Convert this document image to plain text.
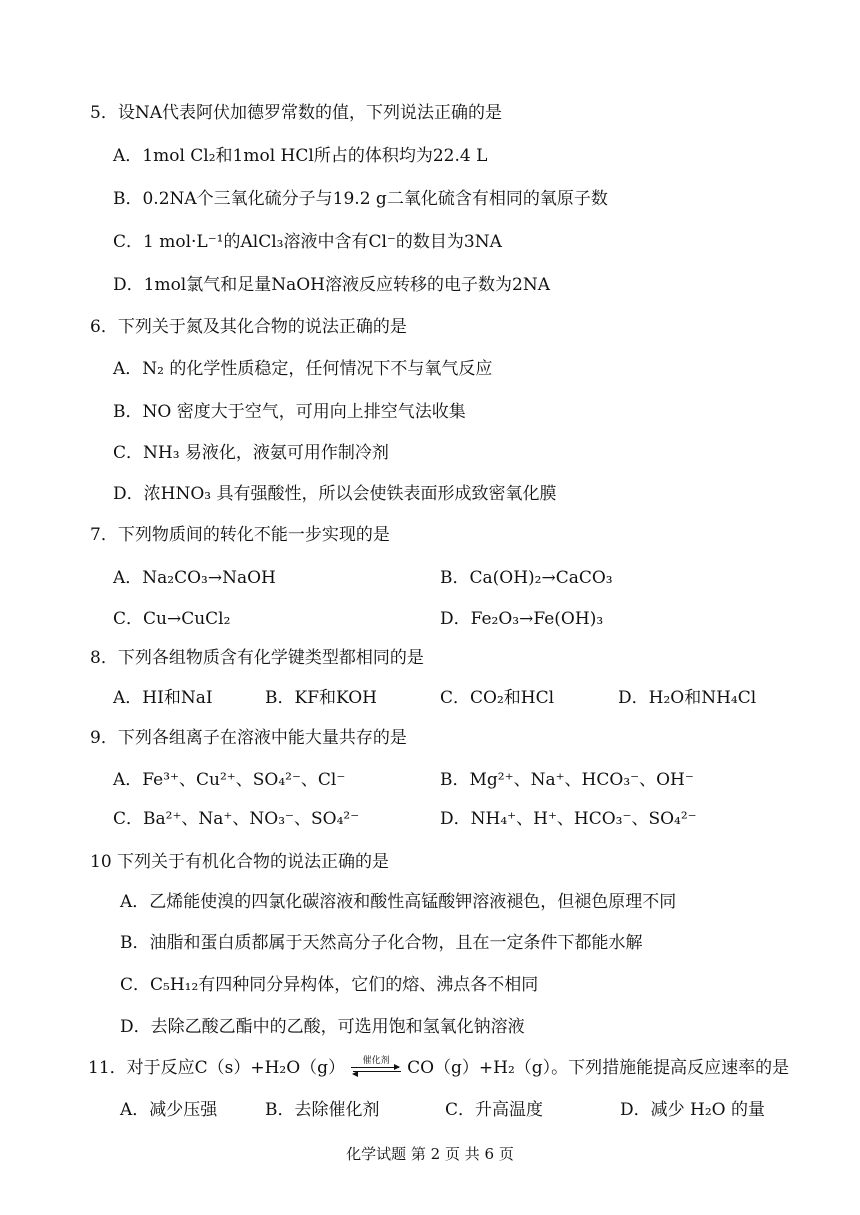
5．设NA代表阿伏加德罗常数的值，下列说法正确的是
A．1mol Cl₂和1mol HCl所占的体积均为22.4 L
B．0.2NA个三氧化硫分子与19.2 g二氧化硫含有相同的氧原子数
C．1 mol·L⁻¹的AlCl₃溶液中含有Cl⁻的数目为3NA
D．1mol氯气和足量NaOH溶液反应转移的电子数为2NA
6．下列关于氮及其化合物的说法正确的是
A．N₂ 的化学性质稳定，任何情况下不与氧气反应
B．NO 密度大于空气，可用向上排空气法收集
C．NH₃ 易液化，液氨可用作制冷剂
D．浓HNO₃ 具有强酸性，所以会使铁表面形成致密氧化膜
7．下列物质间的转化不能一步实现的是
A．Na₂CO₃→NaOH	B．Ca(OH)₂→CaCO₃
C．Cu→CuCl₂	D．Fe₂O₃→Fe(OH)₃
8．下列各组物质含有化学键类型都相同的是
A．HI和NaI	B．KF和KOH	C．CO₂和HCl	D．H₂O和NH₄Cl
9．下列各组离子在溶液中能大量共存的是
A．Fe³⁺、Cu²⁺、SO₄²⁻、Cl⁻	B．Mg²⁺、Na⁺、HCO₃⁻、OH⁻
C．Ba²⁺、Na⁺、NO₃⁻、SO₄²⁻	D．NH₄⁺、H⁺、HCO₃⁻、SO₄²⁻
10 下列关于有机化合物的说法正确的是
A．乙烯能使溴的四氯化碳溶液和酸性高锰酸钾溶液褪色，但褪色原理不同
B．油脂和蛋白质都属于天然高分子化合物，且在一定条件下都能水解
C．C₅H₁₂有四种同分异构体，它们的熔、沸点各不相同
D．去除乙酸乙酯中的乙酸，可选用饱和氢氧化钠溶液
11．对于反应C（s）+H₂O（g）	催化剂	CO（g）+H₂（g）。下列措施能提高反应速率的是
A．减少压强	B．去除催化剂	C．升高温度	D．减少 H₂O 的量
化学试题 第 2 页 共 6 页
